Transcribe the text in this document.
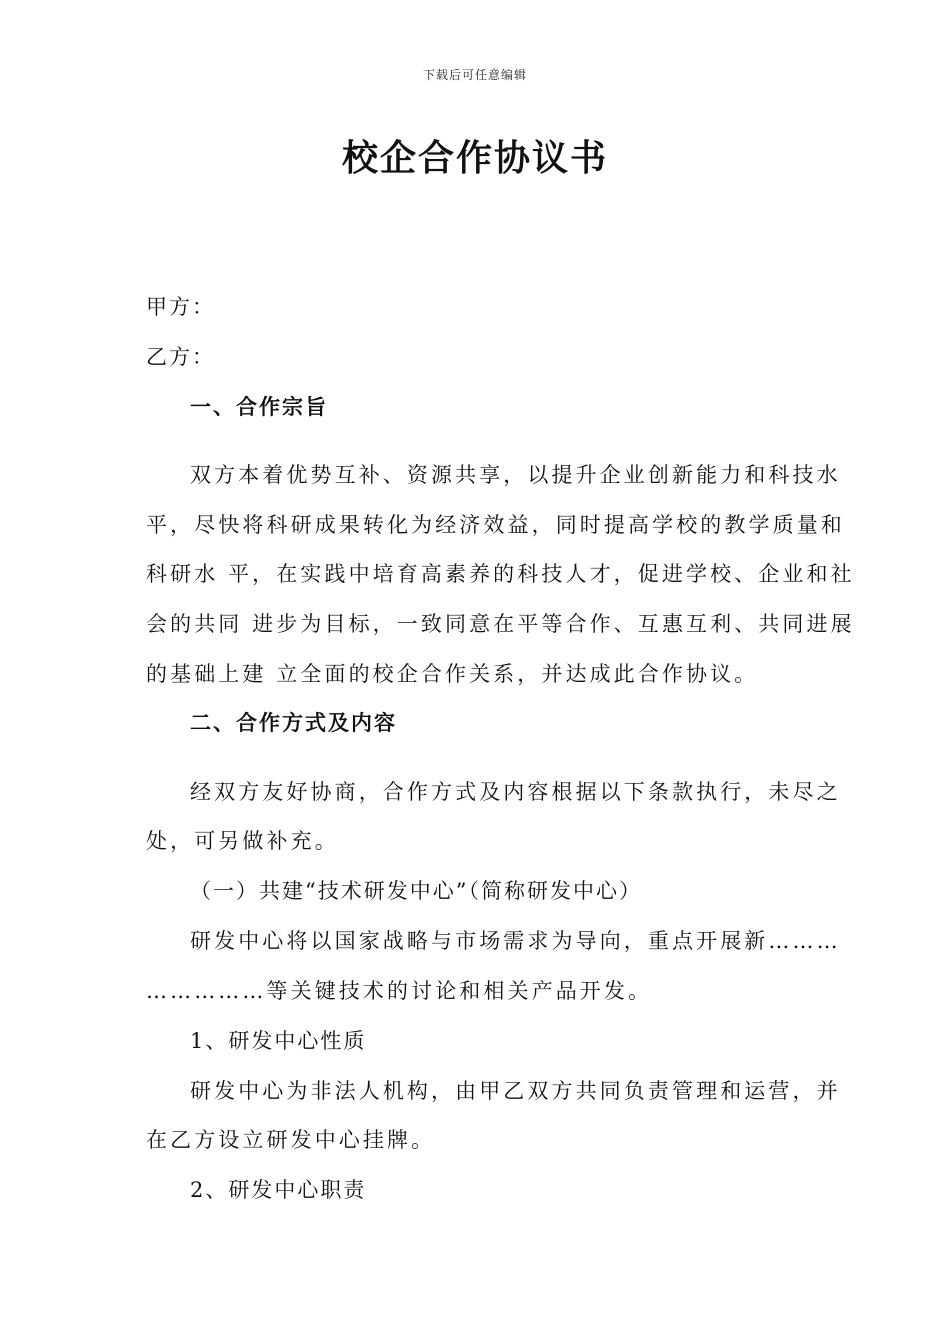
下载后可任意编辑
校企合作协议书
甲方：
乙方：
一、合作宗旨
双方本着优势互补、资源共享，以提升企业创新能力和科技水
平，尽快将科研成果转化为经济效益，同时提高学校的教学质量和
科研水 平，在实践中培育高素养的科技人才，促进学校、企业和社
会的共同 进步为目标，一致同意在平等合作、互惠互利、共同进展
的基础上建 立全面的校企合作关系，并达成此合作协议。
二、合作方式及内容
经双方友好协商，合作方式及内容根据以下条款执行，未尽之
处，可另做补充。
（一）共建“技术研发中心”（简称研发中心）
研发中心将以国家战略与市场需求为导向，重点开展新………
……………等关键技术的讨论和相关产品开发。
1、研发中心性质
研发中心为非法人机构，由甲乙双方共同负责管理和运营，并
在乙方设立研发中心挂牌。
2、研发中心职责
